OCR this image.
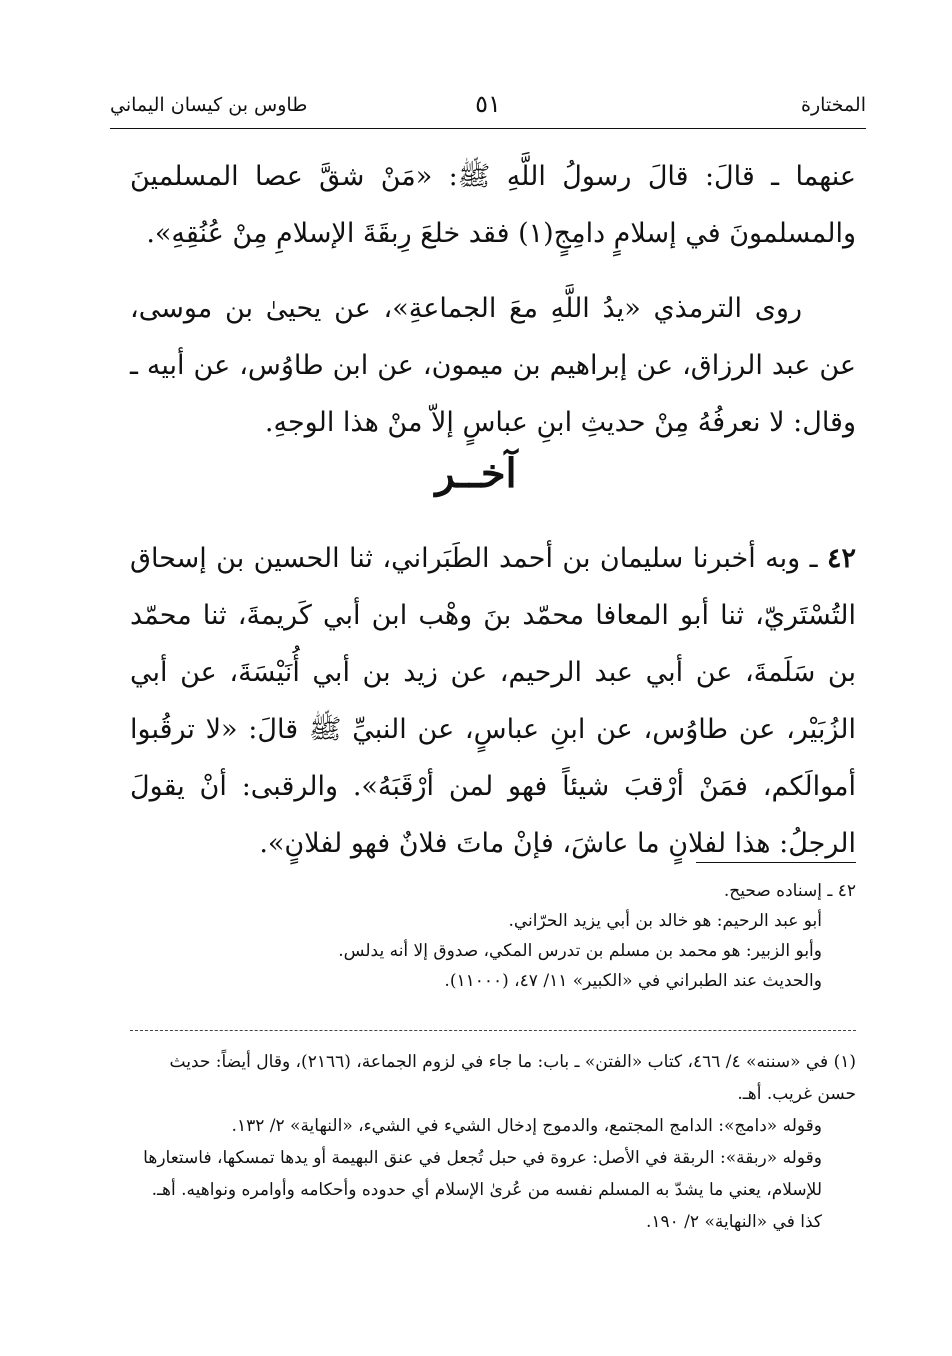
المختارة
٥١
طاوس بن كيسان اليماني
عنهما ـ قالَ: قالَ رسولُ اللَّهِ ﷺ: «مَنْ شقَّ عصا المسلمينَ والمسلمونَ في إسلامٍ دامِجٍ(١) فقد خلعَ رِبقَةَ الإسلامِ مِنْ عُنُقِهِ».
روى الترمذي «يدُ اللَّهِ معَ الجماعةِ»، عن يحيىٰ بن موسى، عن عبد الرزاق، عن إبراهيم بن ميمون، عن ابن طاوُس، عن أبيه ـ وقال: لا نعرفُهُ مِنْ حديثِ ابنِ عباسٍ إلاّ منْ هذا الوجهِ.
آخــر
٤٢ ـ وبه أخبرنا سليمان بن أحمد الطَبَراني، ثنا الحسين بن إسحاق التُسْتَريّ، ثنا أبو المعافا محمّد بنَ وهْب ابن أبي كَريمةَ، ثنا محمّد بن سَلَمةَ، عن أبي عبد الرحيم، عن زيد بن أبي أُنَيْسَةَ، عن أبي الزُبَيْر، عن طاوُس، عن ابنِ عباسٍ، عن النبيِّ ﷺ قالَ: «لا ترقُبوا أموالَكم، فمَنْ أرْقبَ شيئاً فهو لمن أرْقَبَهُ». والرقبى: أنْ يقولَ الرجلُ: هذا لفلانٍ ما عاشَ، فإنْ ماتَ فلانٌ فهو لفلانٍ».

٤٢ ـ إسناده صحيح.

أبو عبد الرحيم: هو خالد بن أبي يزيد الحرّاني.

وأبو الزبير: هو محمد بن مسلم بن تدرس المكي، صدوق إلا أنه يدلس.

والحديث عند الطبراني في «الكبير» ١١/ ٤٧، (١١٠٠٠).

(١) في «سننه» ٤/ ٤٦٦، كتاب «الفتن» ـ باب: ما جاء في لزوم الجماعة، (٢١٦٦)، وقال أيضاً: حديث حسن غريب. أهـ.

وقوله «دامج»: الدامج المجتمع، والدموج إدخال الشيء في الشيء، «النهاية» ٢/ ١٣٢.

وقوله «ربقة»: الربقة في الأصل: عروة في حبل تُجعل في عنق البهيمة أو يدها تمسكها، فاستعارها للإسلام، يعني ما يشدّ به المسلم نفسه من عُرىٰ الإسلام أي حدوده وأحكامه وأوامره ونواهيه. أهـ. كذا في «النهاية» ٢/ ١٩٠.
